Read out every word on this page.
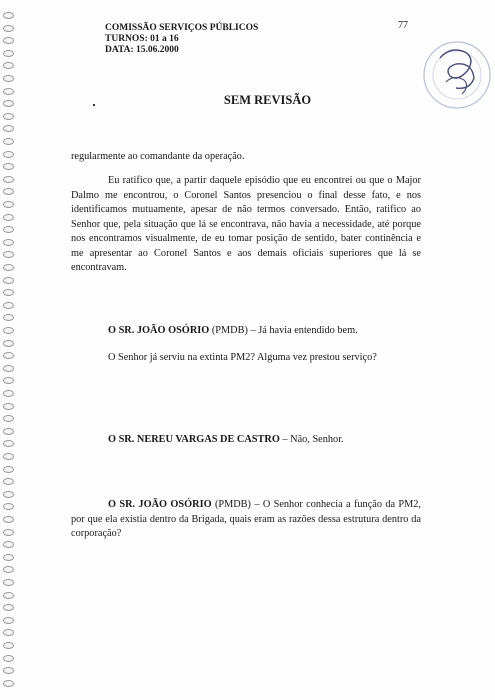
COMISSÃO SERVIÇOS PÚBLICOS
TURNOS: 01 a 16
DATA: 15.06.2000
77
SEM REVISÃO

regularmente ao comandante da operação.

Eu ratifico que, a partir daquele episódio que eu encontrei ou que o Major Dalmo me encontrou, o Coronel Santos presenciou o final desse fato, e nos identificamos mutuamente, apesar de não termos conversado. Então, ratifico ao Senhor que, pela situação que lá se encontrava, não havia a necessidade, até porque nos encontramos visualmente, de eu tomar posição de sentido, bater continência e me apresentar ao Coronel Santos e aos demais oficiais superiores que lá se encontravam.

O SR. JOÃO OSÓRIO (PMDB) – Já havia entendido bem.

O Senhor já serviu na extinta PM2? Alguma vez prestou serviço?

O SR. NEREU VARGAS DE CASTRO – Não, Senhor.

O SR. JOÃO OSÓRIO (PMDB) – O Senhor conhecia a função da PM2, por que ela existia dentro da Brigada, quais eram as razões dessa estrutura dentro da corporação?
